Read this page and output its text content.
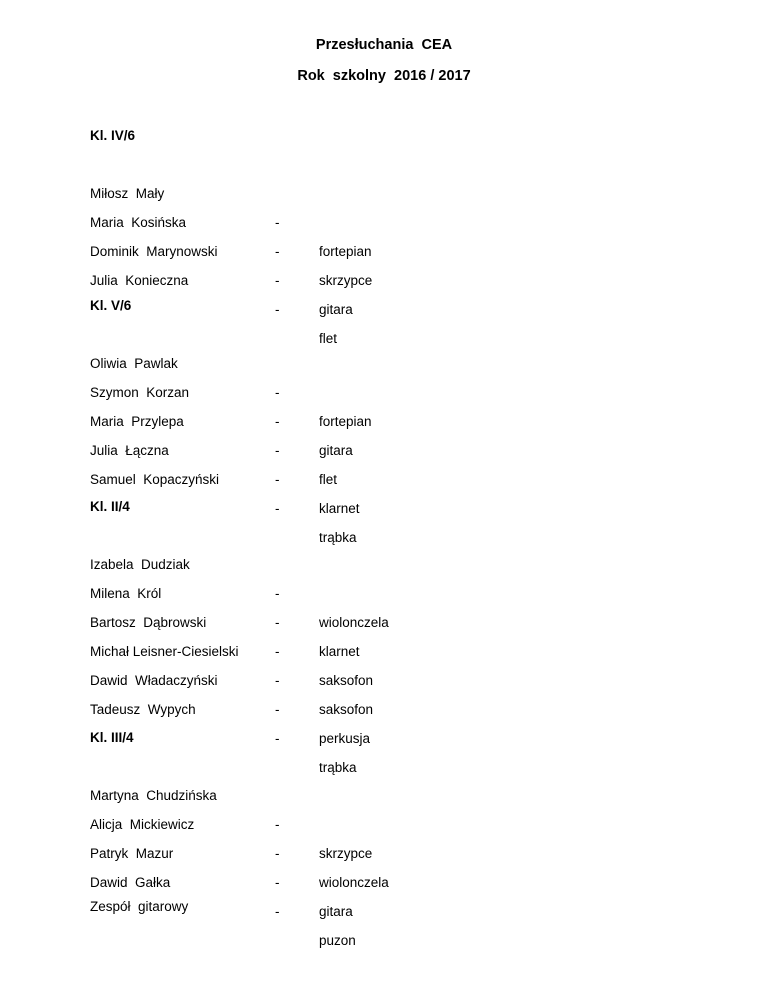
Przesłuchania  CEA
Rok  szkolny  2016 / 2017
Kl. IV/6

Miłosz  Mały

-

fortepian

Maria  Kosińska

-

skrzypce

Dominik  Marynowski

-

gitara

Julia  Konieczna

-

flet

Kl. V/6

Oliwia  Pawlak

-

fortepian

Szymon  Korzan

-

gitara

Maria  Przylepa

-

flet

Julia  Łączna

-

klarnet

Samuel  Kopaczyński

-

trąbka

Kl. II/4

Izabela  Dudziak

-

wiolonczela

Milena  Król

-

klarnet

Bartosz  Dąbrowski

-

saksofon

Michał Leisner-Ciesielski

-

saksofon

Dawid  Władaczyński

-

perkusja

Tadeusz  Wypych

-

trąbka

Kl. III/4

Martyna  Chudzińska

-

skrzypce

Alicja  Mickiewicz

-

wiolonczela

Patryk  Mazur

-

gitara

Dawid  Gałka

-

puzon

Zespół  gitarowy
